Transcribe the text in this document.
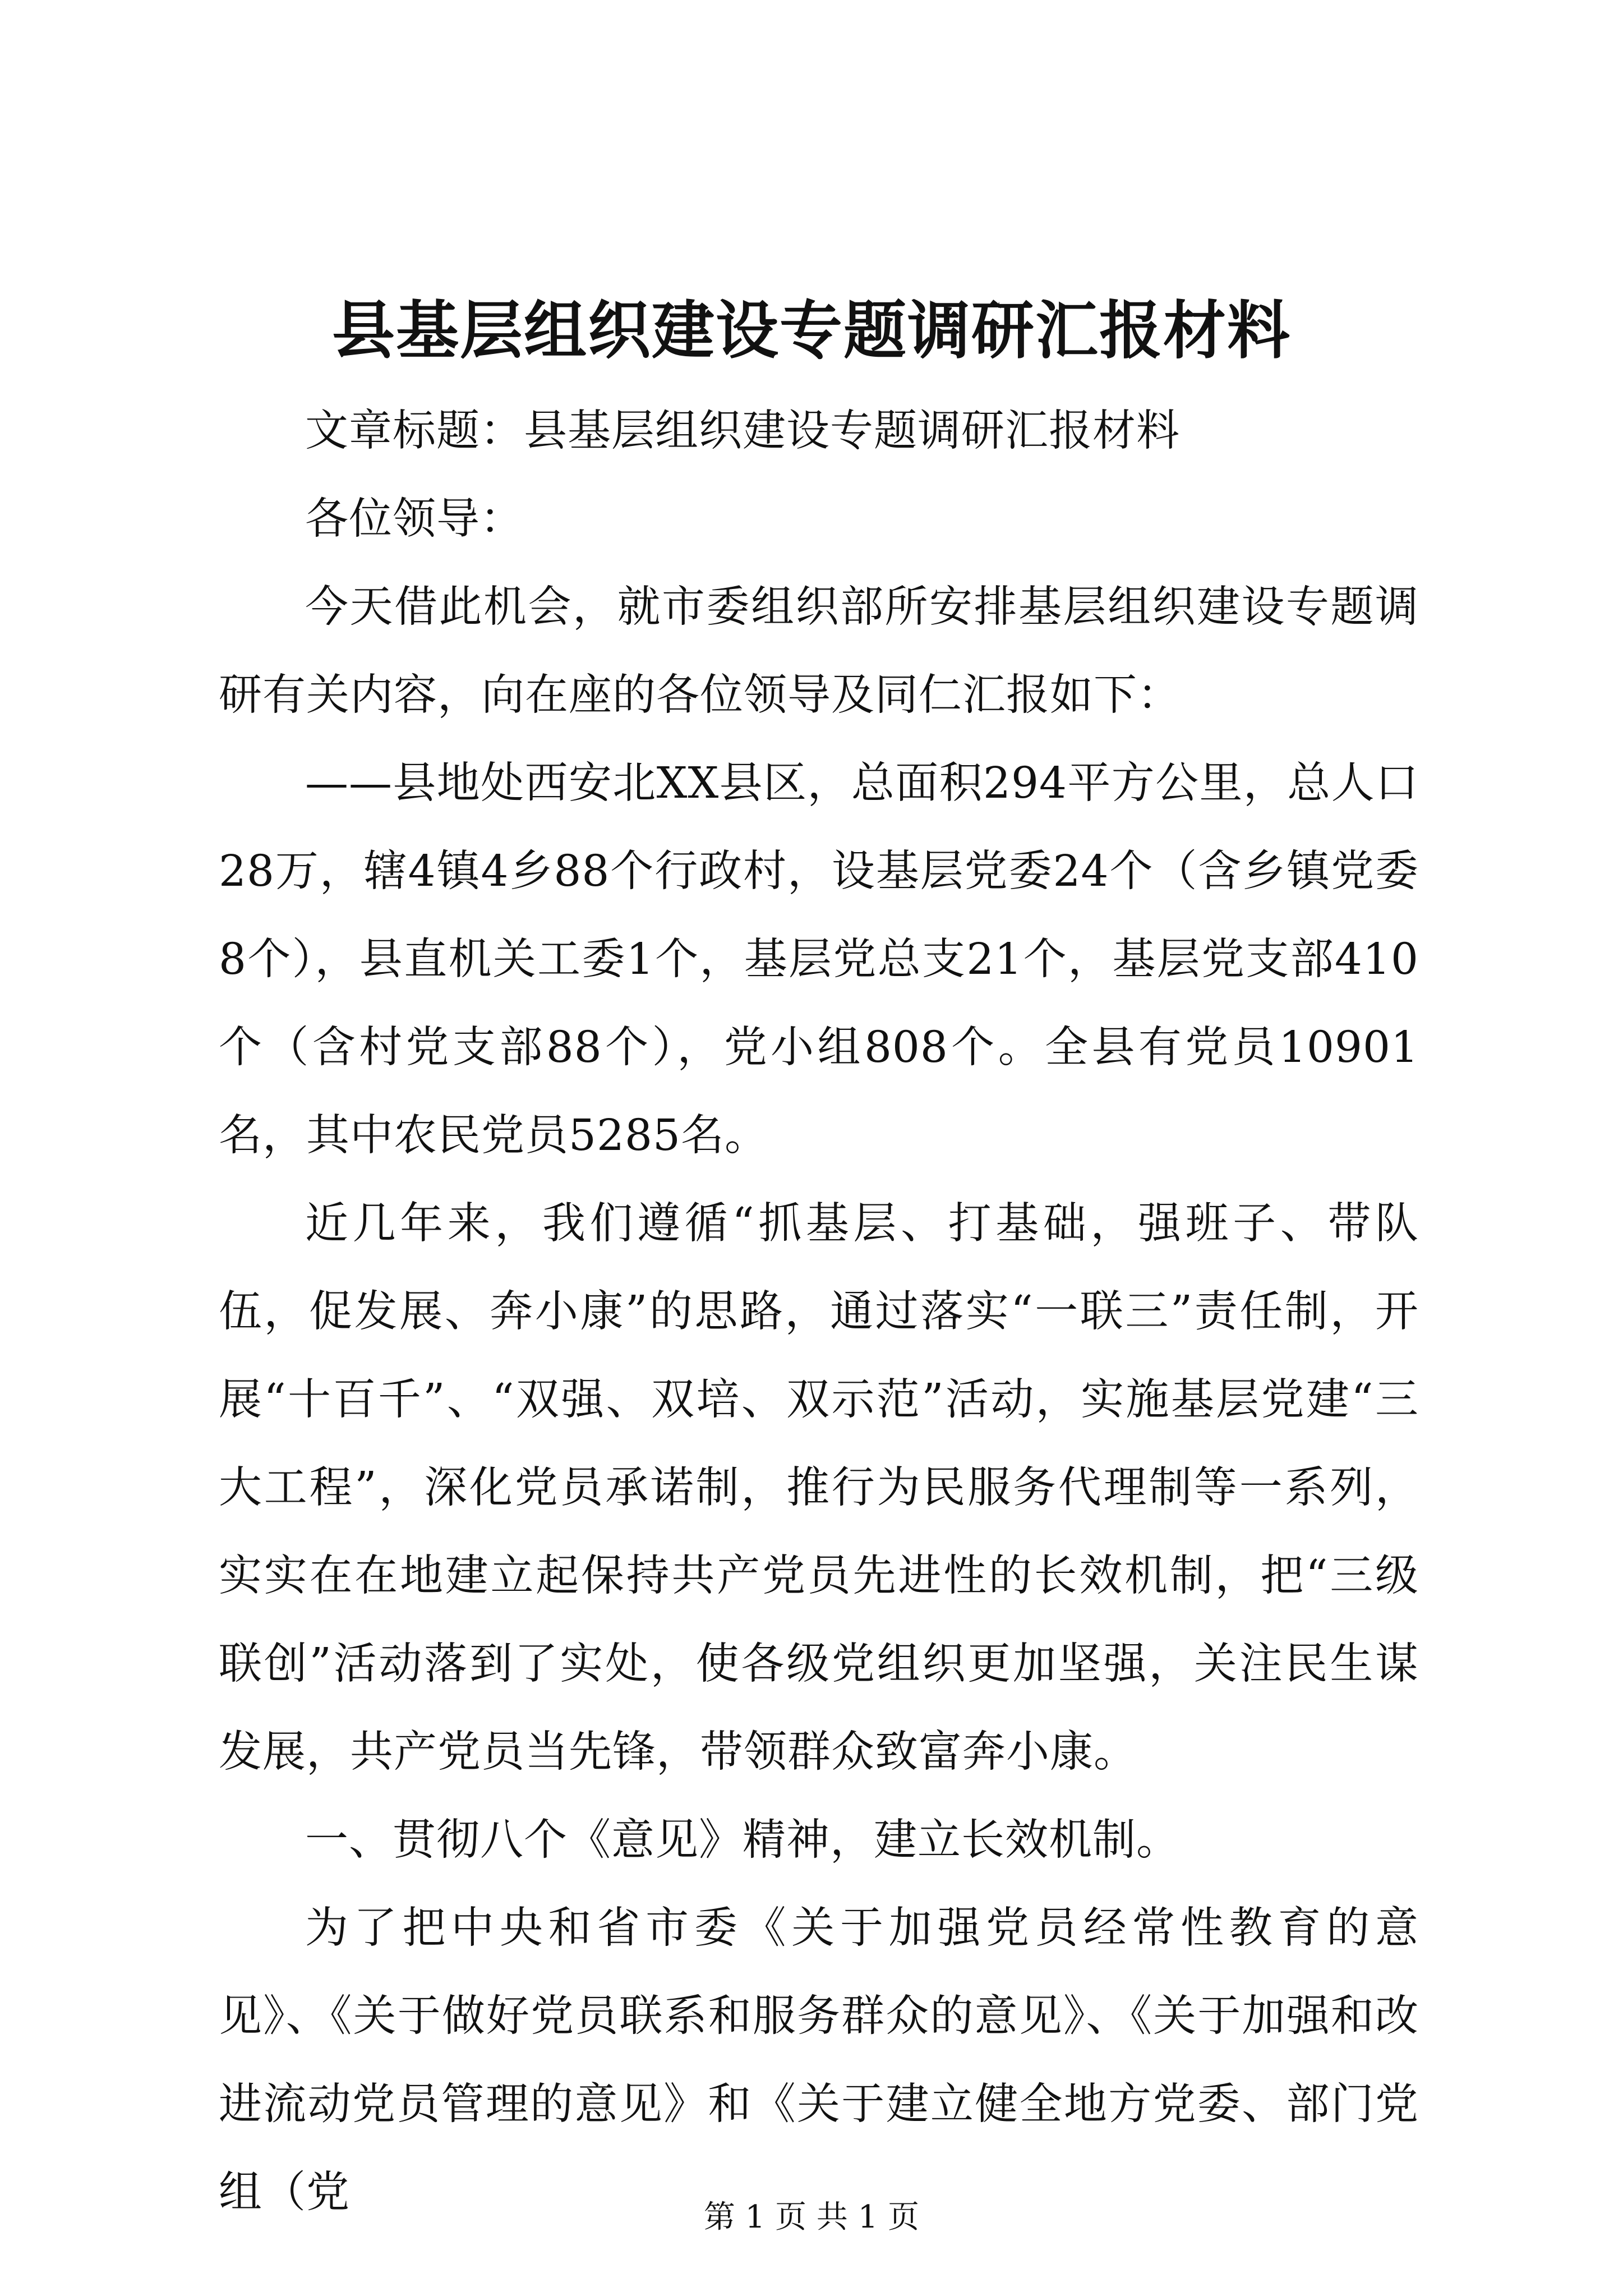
县基层组织建设专题调研汇报材料

文章标题：县基层组织建设专题调研汇报材料

各位领导：

今天借此机会，就市委组织部所安排基层组织建设专题调研有关内容，向在座的各位领导及同仁汇报如下：

——县地处西安北XX县区，总面积294平方公里，总人口28万，辖4镇4乡88个行政村，设基层党委24个（含乡镇党委8个），县直机关工委1个，基层党总支21个，基层党支部410个（含村党支部88个），党小组808个。全县有党员10901名，其中农民党员5285名。

近几年来，我们遵循“抓基层、打基础，强班子、带队伍，促发展、奔小康”的思路，通过落实“一联三”责任制，开展“十百千”、“双强、双培、双示范”活动，实施基层党建“三大工程”，深化党员承诺制，推行为民服务代理制等一系列，实实在在地建立起保持共产党员先进性的长效机制，把“三级联创”活动落到了实处，使各级党组织更加坚强，关注民生谋发展，共产党员当先锋，带领群众致富奔小康。

一、贯彻八个《意见》精神，建立长效机制。

为了把中央和省市委《关于加强党员经常性教育的意见》、《关于做好党员联系和服务群众的意见》、《关于加强和改进流动党员管理的意见》和《关于建立健全地方党委、部门党组（党	第 1 页 共 1 页
